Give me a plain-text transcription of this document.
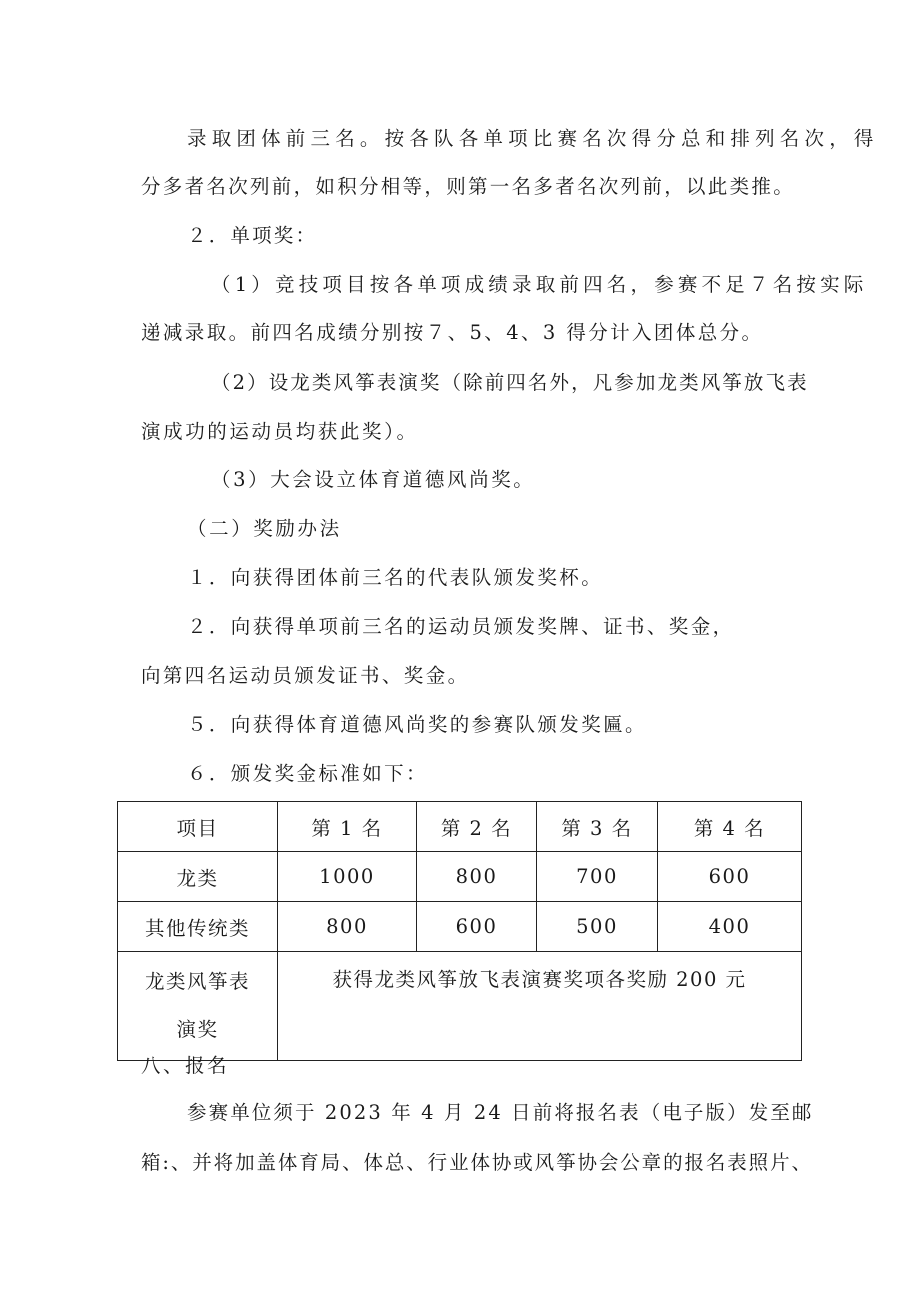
录取团体前三名。按各队各单项比赛名次得分总和排列名次，得
分多者名次列前，如积分相等，则第一名多者名次列前，以此类推。
２．单项奖：
（1）竞技项目按各单项成绩录取前四名，参赛不足７名按实际
递减录取。前四名成绩分别按７、5、4、3 得分计入团体总分。
（2）设龙类风筝表演奖（除前四名外，凡参加龙类风筝放飞表
演成功的运动员均获此奖）。
（3）大会设立体育道德风尚奖。
（二）奖励办法
１．向获得团体前三名的代表队颁发奖杯。
２．向获得单项前三名的运动员颁发奖牌、证书、奖金，
向第四名运动员颁发证书、奖金。
５．向获得体育道德风尚奖的参赛队颁发奖匾。
６．颁发奖金标准如下：
项目	第 1 名	第 2 名	第 3 名	第 4 名
龙类	1000	800	700	600
其他传统类	800	600	500	400

龙类风筝表
演奖	获得龙类风筝放飞表演赛奖项各奖励 200 元			
八、报名
参赛单位须于 2023 年 4 月 24 日前将报名表（电子版）发至邮
箱:、并将加盖体育局、体总、行业体协或风筝协会公章的报名表照片、
